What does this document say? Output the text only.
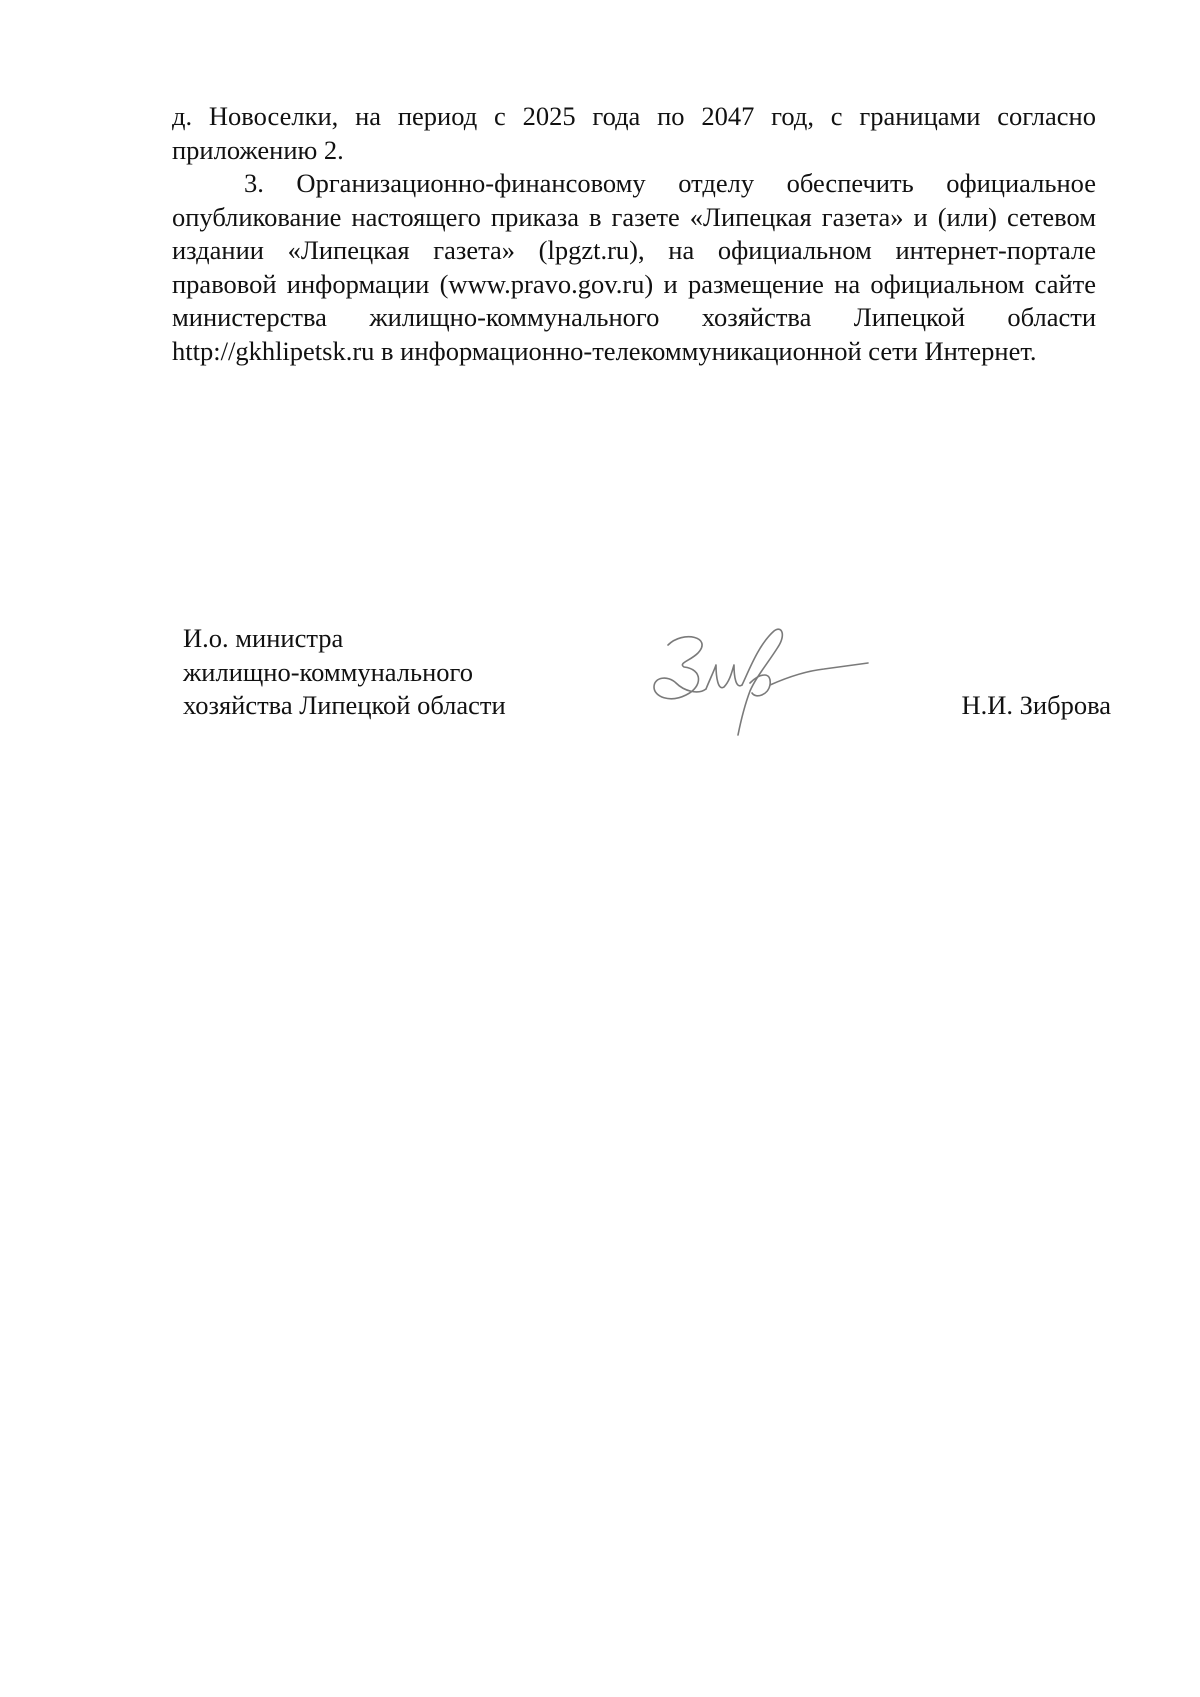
д. Новоселки, на период с 2025 года по 2047 год, с границами согласно приложению 2.

3. Организационно-финансовому отделу обеспечить официальное опубликование настоящего приказа в газете «Липецкая газета» и (или) сетевом издании «Липецкая газета» (lpgzt.ru), на официальном интернет-портале правовой информации (www.pravo.gov.ru) и размещение на официальном сайте министерства жилищно-коммунального хозяйства Липецкой области http://gkhlipetsk.ru в информационно-телекоммуникационной сети Интернет.

И.о. министра
жилищно-коммунального
хозяйства Липецкой области	Н.И. Зиброва
